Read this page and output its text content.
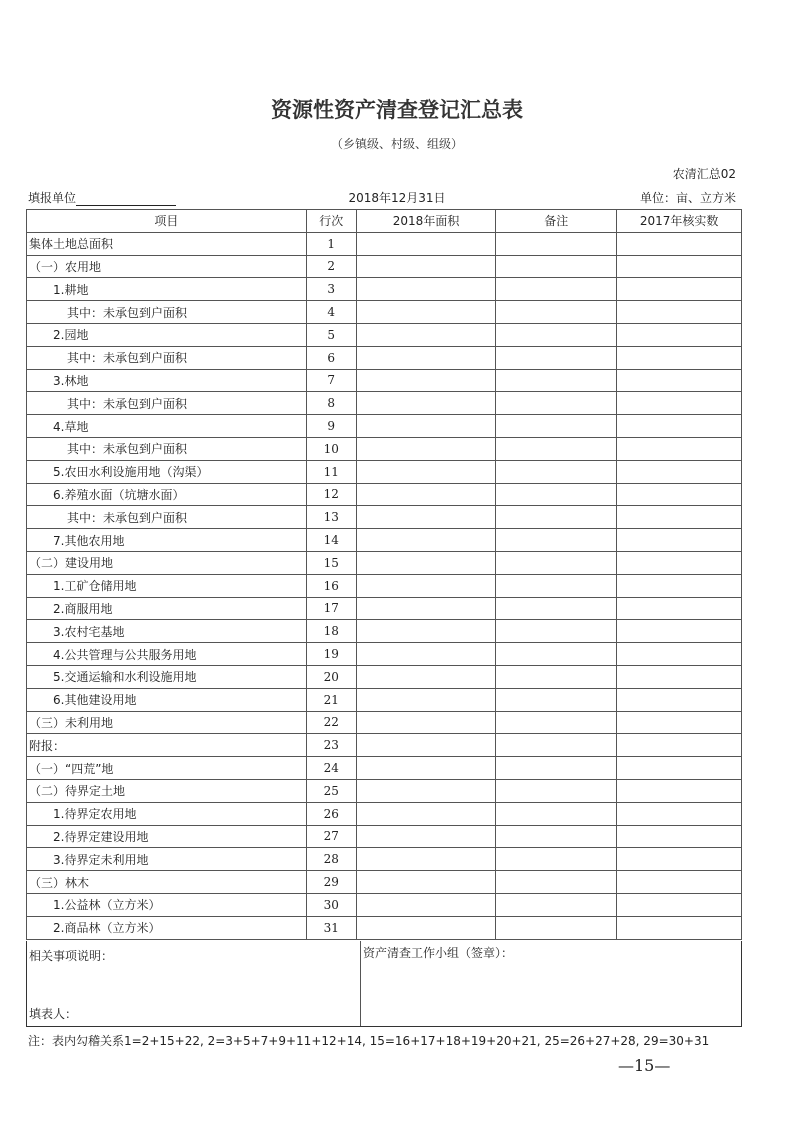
资源性资产清查登记汇总表
（乡镇级、村级、组级）
农清汇总02
填报单位	2018年12月31日	单位：亩、立方米
项目	行次	2018年面积	备注	2017年核实数
集体土地总面积	1			
（一）农用地	2			
1.耕地	3			
其中：未承包到户面积	4			
2.园地	5			
其中：未承包到户面积	6			
3.林地	7			
其中：未承包到户面积	8			
4.草地	9			
其中：未承包到户面积	10			
5.农田水利设施用地（沟渠）	11			
6.养殖水面（坑塘水面）	12			
其中：未承包到户面积	13			
7.其他农用地	14			
（二）建设用地	15			
1.工矿仓储用地	16			
2.商服用地	17			
3.农村宅基地	18			
4.公共管理与公共服务用地	19			
5.交通运输和水利设施用地	20			
6.其他建设用地	21			
（三）未利用地	22			
附报：	23			
（一）“四荒”地	24			
（二）待界定土地	25			
1.待界定农用地	26			
2.待界定建设用地	27			
3.待界定未利用地	28			
（三）林木	29			
1.公益林（立方米）	30			
2.商品林（立方米）	31			
相关事项说明：
填表人：
资产清查工作小组（签章）：
注：表内勾稽关系1=2+15+22, 2=3+5+7+9+11+12+14, 15=16+17+18+19+20+21, 25=26+27+28, 29=30+31
—15—
